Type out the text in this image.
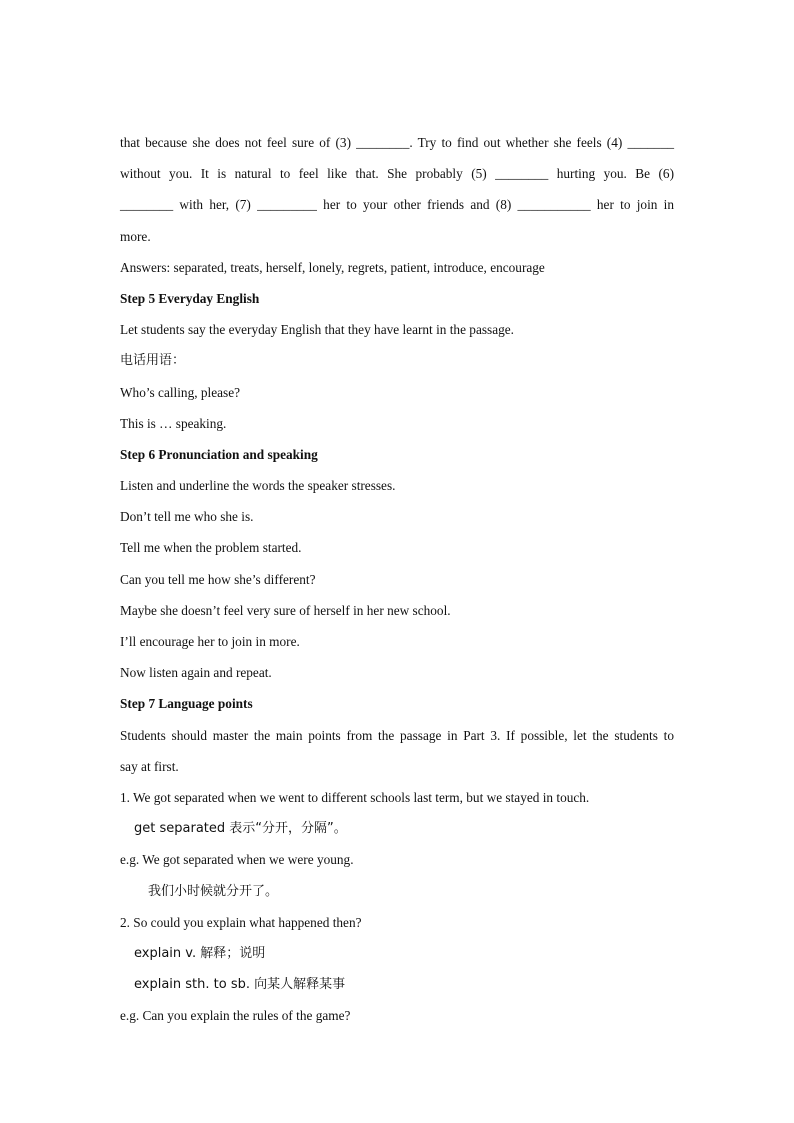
that because she does not feel sure of (3) ________. Try to find out whether she feels (4) _______
without you. It is natural to feel like that. She probably (5) ________ hurting you. Be (6)
________ with her, (7) _________ her to your other friends and (8) ___________ her to join in
more.
Answers: separated, treats, herself, lonely, regrets, patient, introduce, encourage
Step 5 Everyday English
Let students say the everyday English that they have learnt in the passage.
电话用语：
Who’s calling, please?
This is … speaking.
Step 6 Pronunciation and speaking
Listen and underline the words the speaker stresses.
Don’t tell me who she is.
Tell me when the problem started.
Can you tell me how she’s different?
Maybe she doesn’t feel very sure of herself in her new school.
I’ll encourage her to join in more.
Now listen again and repeat.
Step 7 Language points
Students should master the main points from the passage in Part 3. If possible, let the students to
say at first.
1. We got separated when we went to different schools last term, but we stayed in touch.
get separated 表示“分开，分隔”。
e.g. We got separated when we were young.
我们小时候就分开了。
2. So could you explain what happened then?
explain v. 解释；说明
explain sth. to sb. 向某人解释某事
e.g. Can you explain the rules of the game?
